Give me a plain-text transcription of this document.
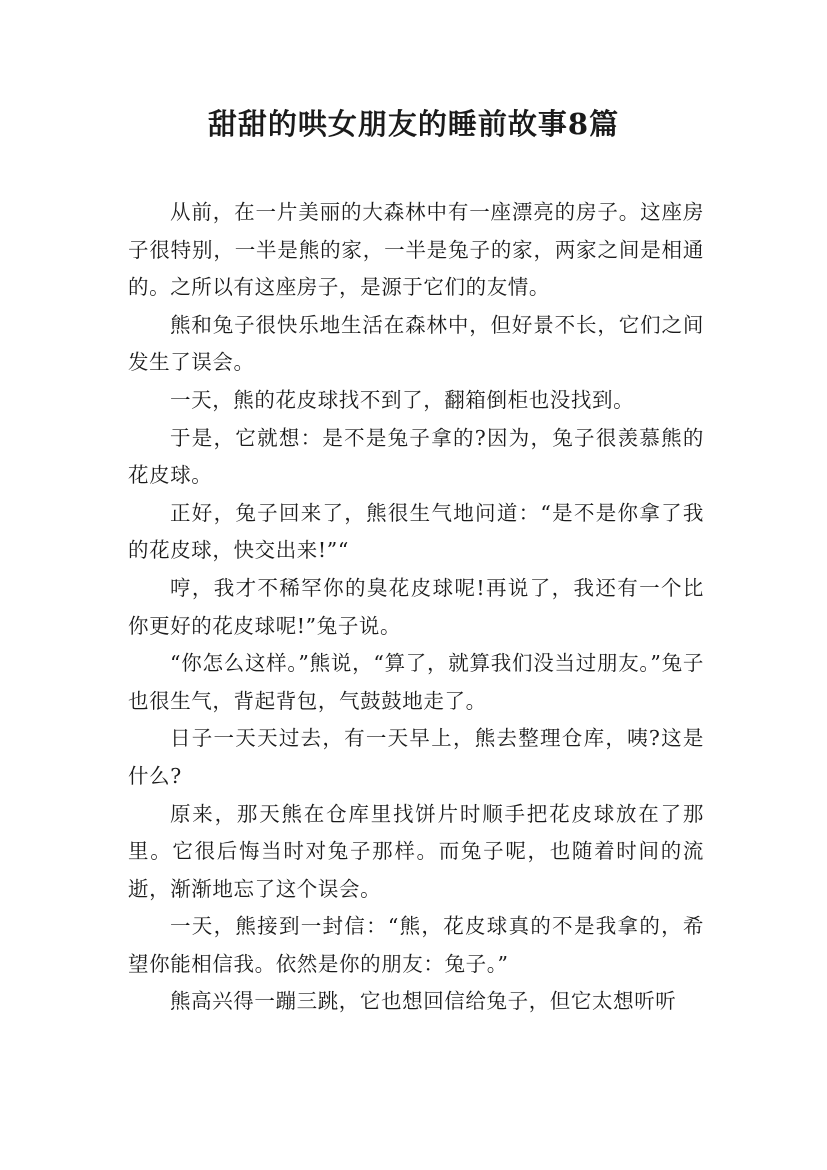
甜甜的哄女朋友的睡前故事8篇

从前，在一片美丽的大森林中有一座漂亮的房子。这座房子很特别，一半是熊的家，一半是兔子的家，两家之间是相通的。之所以有这座房子，是源于它们的友情。

熊和兔子很快乐地生活在森林中，但好景不长，它们之间发生了误会。

一天，熊的花皮球找不到了，翻箱倒柜也没找到。

于是，它就想：是不是兔子拿的?因为，兔子很羡慕熊的花皮球。

正好，兔子回来了，熊很生气地问道：“是不是你拿了我的花皮球，快交出来!”“

哼，我才不稀罕你的臭花皮球呢!再说了，我还有一个比你更好的花皮球呢!”兔子说。

“你怎么这样。”熊说，“算了，就算我们没当过朋友。”兔子也很生气，背起背包，气鼓鼓地走了。

日子一天天过去，有一天早上，熊去整理仓库，咦?这是什么?

原来，那天熊在仓库里找饼片时顺手把花皮球放在了那里。它很后悔当时对兔子那样。而兔子呢，也随着时间的流逝，渐渐地忘了这个误会。

一天，熊接到一封信：“熊，花皮球真的不是我拿的，希望你能相信我。依然是你的朋友：兔子。”

熊高兴得一蹦三跳，它也想回信给兔子，但它太想听听
